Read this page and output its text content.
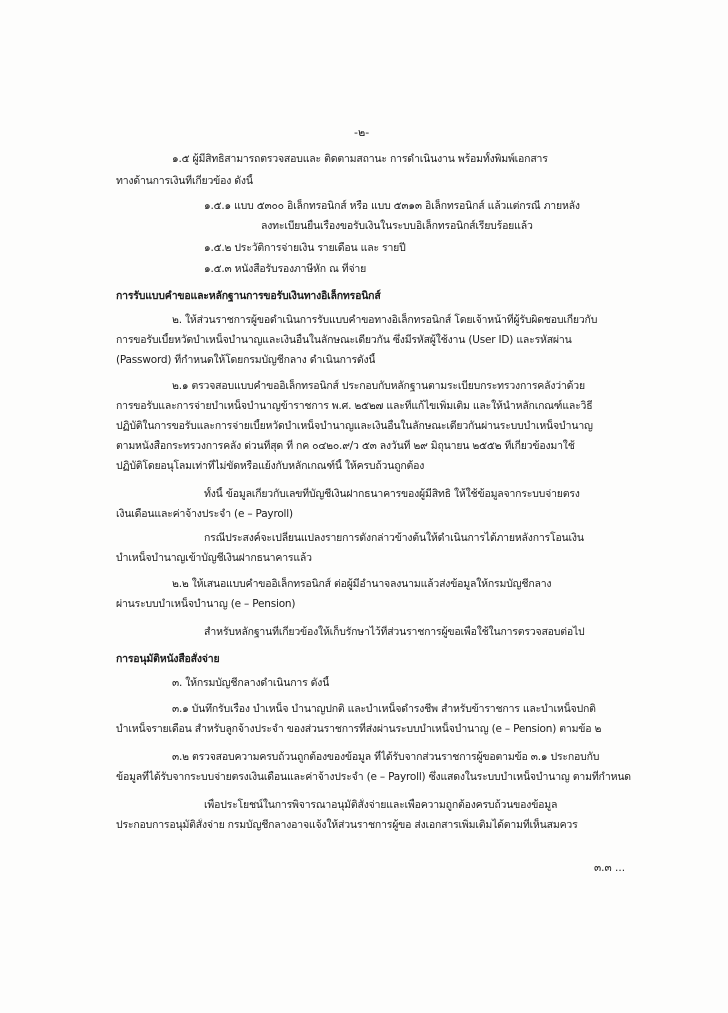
-๒-
๑.๕ ผู้มีสิทธิสามารถตรวจสอบและ ติดตามสถานะ การดำเนินงาน พร้อมทั้งพิมพ์เอกสาร
ทางด้านการเงินที่เกี่ยวข้อง ดังนี้
๑.๕.๑ แบบ ๕๓๐๐ อิเล็กทรอนิกส์ หรือ แบบ ๕๓๑๓ อิเล็กทรอนิกส์ แล้วแต่กรณี ภายหลัง
ลงทะเบียนยื่นเรื่องขอรับเงินในระบบอิเล็กทรอนิกส์เรียบร้อยแล้ว
๑.๕.๒ ประวัติการจ่ายเงิน รายเดือน และ รายปี
๑.๕.๓ หนังสือรับรองภาษีหัก ณ ที่จ่าย
การรับแบบคำขอและหลักฐานการขอรับเงินทางอิเล็กทรอนิกส์
๒. ให้ส่วนราชการผู้ขอดำเนินการรับแบบคำขอทางอิเล็กทรอนิกส์ โดยเจ้าหน้าที่ผู้รับผิดชอบเกี่ยวกับ
การขอรับเบี้ยหวัดบำเหน็จบำนาญและเงินอื่นในลักษณะเดียวกัน ซึ่งมีรหัสผู้ใช้งาน (User ID) และรหัสผ่าน
(Password) ที่กำหนดให้โดยกรมบัญชีกลาง ดำเนินการดังนี้
๒.๑ ตรวจสอบแบบคำขออิเล็กทรอนิกส์ ประกอบกับหลักฐานตามระเบียบกระทรวงการคลังว่าด้วย
การขอรับและการจ่ายบำเหน็จบำนาญข้าราชการ พ.ศ. ๒๕๒๗ และที่แก้ไขเพิ่มเติม และให้นำหลักเกณฑ์และวิธี
ปฏิบัติในการขอรับและการจ่ายเบี้ยหวัดบำเหน็จบำนาญและเงินอื่นในลักษณะเดียวกันผ่านระบบบำเหน็จบำนาญ
ตามหนังสือกระทรวงการคลัง ด่วนที่สุด ที่ กค ๐๔๒๐.๙/ว ๕๓ ลงวันที่ ๒๙ มิถุนายน ๒๕๕๒ ที่เกี่ยวข้องมาใช้
ปฏิบัติโดยอนุโลมเท่าที่ไม่ขัดหรือแย้งกับหลักเกณฑ์นี้ ให้ครบถ้วนถูกต้อง
ทั้งนี้ ข้อมูลเกี่ยวกับเลขที่บัญชีเงินฝากธนาคารของผู้มีสิทธิ ให้ใช้ข้อมูลจากระบบจ่ายตรง
เงินเดือนและค่าจ้างประจำ (e – Payroll)
กรณีประสงค์จะเปลี่ยนแปลงรายการดังกล่าวข้างต้นให้ดำเนินการได้ภายหลังการโอนเงิน
บำเหน็จบำนาญเข้าบัญชีเงินฝากธนาคารแล้ว
๒.๒ ให้เสนอแบบคำขออิเล็กทรอนิกส์ ต่อผู้มีอำนาจลงนามแล้วส่งข้อมูลให้กรมบัญชีกลาง
ผ่านระบบบำเหน็จบำนาญ (e – Pension)
สำหรับหลักฐานที่เกี่ยวข้องให้เก็บรักษาไว้ที่ส่วนราชการผู้ขอเพื่อใช้ในการตรวจสอบต่อไป
การอนุมัติหนังสือสั่งจ่าย
๓. ให้กรมบัญชีกลางดำเนินการ ดังนี้
๓.๑ บันทึกรับเรื่อง บำเหน็จ บำนาญปกติ และบำเหน็จดำรงชีพ สำหรับข้าราชการ และบำเหน็จปกติ
บำเหน็จรายเดือน สำหรับลูกจ้างประจำ ของส่วนราชการที่ส่งผ่านระบบบำเหน็จบำนาญ (e – Pension) ตามข้อ ๒
๓.๒ ตรวจสอบความครบถ้วนถูกต้องของข้อมูล ที่ได้รับจากส่วนราชการผู้ขอตามข้อ ๓.๑ ประกอบกับ
ข้อมูลที่ได้รับจากระบบจ่ายตรงเงินเดือนและค่าจ้างประจำ (e – Payroll) ซึ่งแสดงในระบบบำเหน็จบำนาญ ตามที่กำหนด
เพื่อประโยชน์ในการพิจารณาอนุมัติสั่งจ่ายและเพื่อความถูกต้องครบถ้วนของข้อมูล
ประกอบการอนุมัติสั่งจ่าย กรมบัญชีกลางอาจแจ้งให้ส่วนราชการผู้ขอ ส่งเอกสารเพิ่มเติมได้ตามที่เห็นสมควร
๓.๓ ...
